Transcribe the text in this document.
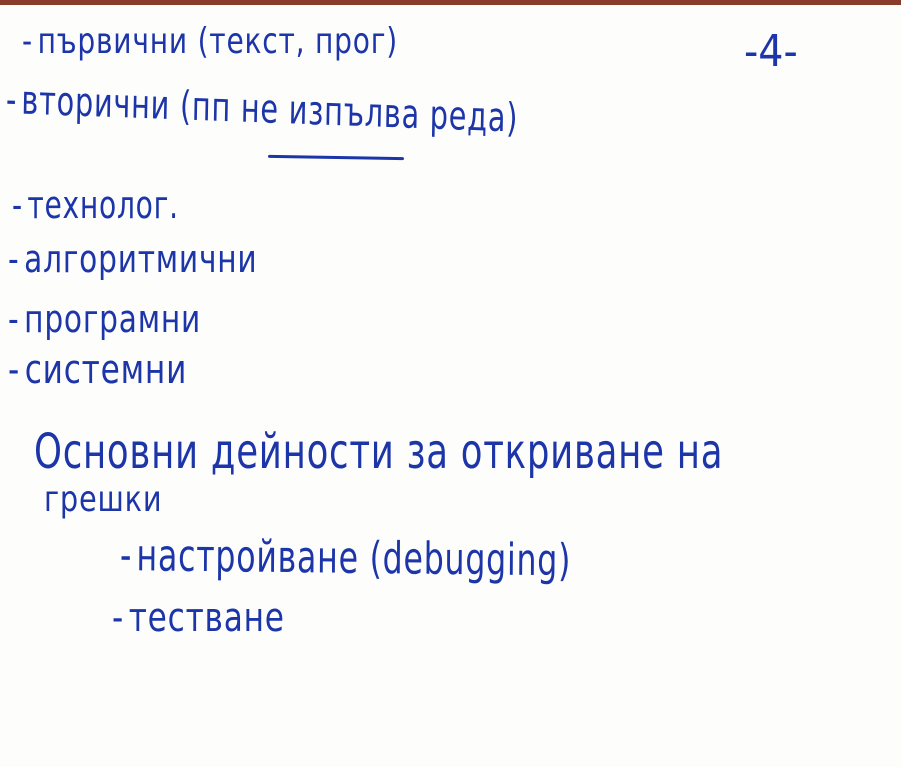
-4-

- първични (текст, прог)

-вторични (пп не изпълва реда)

- технолог.

- алгоритмични

- програмни

- системни

Основни дейности за откриване на

грешки

-настройване (debugging)

- тестване
